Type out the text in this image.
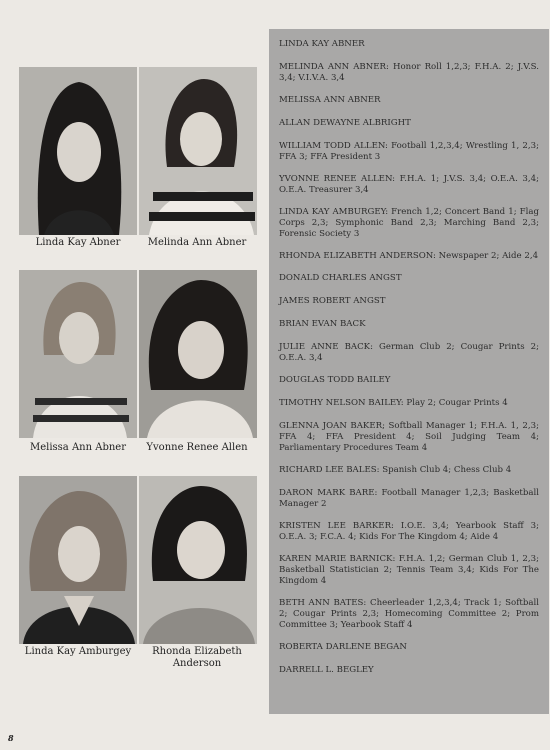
Linda Kay Abner	Melinda Ann Abner
Melissa Ann Abner	Yvonne Renee Allen
Linda Kay Amburgey	Rhonda Elizabeth Anderson
LINDA KAY ABNER
MELINDA ANN ABNER: Honor Roll 1,2,3; F.H.A. 2; J.V.S. 3,4; V.I.V.A. 3,4
MELISSA ANN ABNER
ALLAN DEWAYNE ALBRIGHT
WILLIAM TODD ALLEN: Football 1,2,3,4; Wrestling 1, 2,3; FFA 3; FFA President 3
YVONNE RENEE ALLEN: F.H.A. 1; J.V.S. 3,4; O.E.A. 3,4; O.E.A. Treasurer 3,4
LINDA KAY AMBURGEY: French 1,2; Concert Band 1; Flag Corps 2,3; Symphonic Band 2,3; Marching Band 2,3; Forensic Society 3
RHONDA ELIZABETH ANDERSON: Newspaper 2; Aide 2,4
DONALD CHARLES ANGST
JAMES ROBERT ANGST
BRIAN EVAN BACK
JULIE ANNE BACK: German Club 2; Cougar Prints 2; O.E.A. 3,4
DOUGLAS TODD BAILEY
TIMOTHY NELSON BAILEY: Play 2; Cougar Prints 4
GLENNA JOAN BAKER; Softball Manager 1; F.H.A. 1, 2,3; FFA 4; FFA President 4; Soil Judging Team 4; Parliamentary Procedures Team 4
RICHARD LEE BALES: Spanish Club 4; Chess Club 4
DARON MARK BARE: Football Manager 1,2,3; Basketball Manager 2
KRISTEN LEE BARKER: I.O.E. 3,4; Yearbook Staff 3; O.E.A. 3; F.C.A. 4; Kids For The Kingdom 4; Aide 4
KAREN MARIE BARNICK: F.H.A. 1,2; German Club 1, 2,3; Basketball Statistician 2; Tennis Team 3,4; Kids For The Kingdom 4
BETH ANN BATES: Cheerleader 1,2,3,4; Track 1; Softball 2; Cougar Prints 2,3; Homecoming Committee 2; Prom Committee 3; Yearbook Staff 4
ROBERTA DARLENE BEGAN
DARRELL L. BEGLEY
8
